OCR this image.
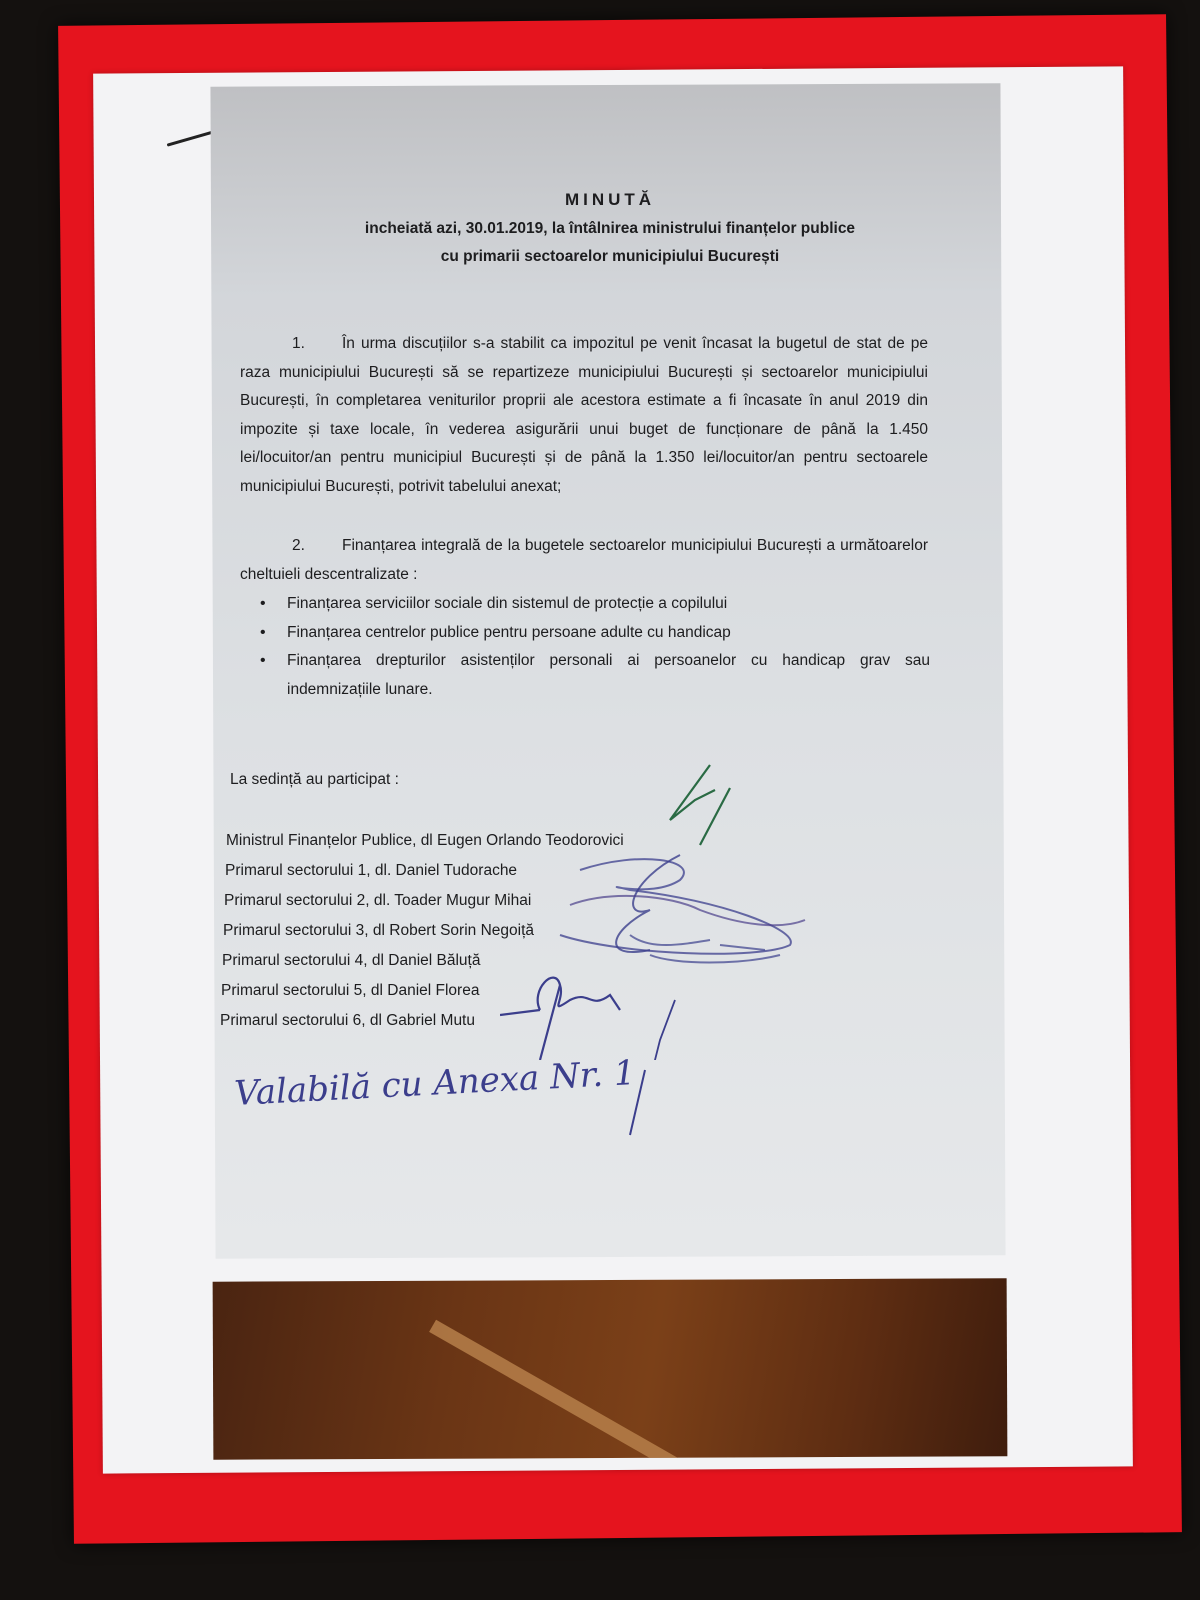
MINUTĂ
incheiată azi, 30.01.2019, la întâlnirea ministrului finanțelor publice
cu primarii sectoarelor municipiului București
1. În urma discuțiilor s-a stabilit ca impozitul pe venit încasat la bugetul de stat de pe raza municipiului București să se repartizeze municipiului București și sectoarelor municipiului București, în completarea veniturilor proprii ale acestora estimate a fi încasate în anul 2019 din impozite și taxe locale, în vederea asigurării unui buget de funcționare de până la 1.450 lei/locuitor/an pentru municipiul București și de până la 1.350 lei/locuitor/an pentru sectoarele municipiului București, potrivit tabelului anexat;
2. Finanțarea integrală de la bugetele sectoarelor municipiului București a următoarelor cheltuieli descentralizate :
• Finanțarea serviciilor sociale din sistemul de protecție a copilului
• Finanțarea centrelor publice pentru persoane adulte cu handicap
• Finanțarea drepturilor asistenților personali ai persoanelor cu handicap grav sau indemnizațiile lunare.
La sedință au participat :
Ministrul Finanțelor Publice, dl Eugen Orlando Teodorovici
Primarul sectorului 1, dl. Daniel Tudorache
Primarul sectorului 2, dl. Toader Mugur Mihai
Primarul sectorului 3, dl Robert Sorin Negoiță
Primarul sectorului 4, dl Daniel Băluță
Primarul sectorului 5, dl Daniel Florea
Primarul sectorului 6, dl Gabriel Mutu
Valabilă cu Anexa Nr. 1
